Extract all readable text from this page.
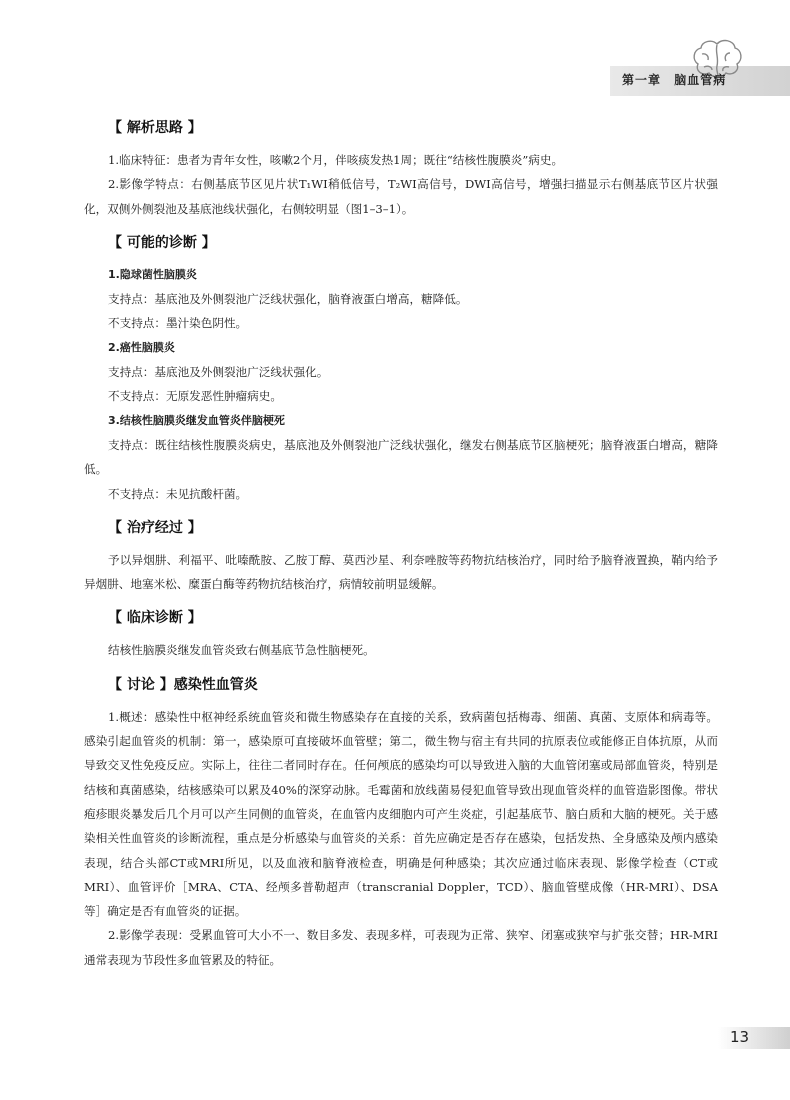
第一章 脑血管病
【 解析思路 】

1.临床特征：患者为青年女性，咳嗽2个月，伴咳痰发热1周；既往“结核性腹膜炎”病史。

2.影像学特点：右侧基底节区见片状T₁WI稍低信号，T₂WI高信号，DWI高信号，增强扫描显示右侧基底节区片状强化，双侧外侧裂池及基底池线状强化，右侧较明显（图1–3–1）。

【 可能的诊断 】

1.隐球菌性脑膜炎

支持点：基底池及外侧裂池广泛线状强化，脑脊液蛋白增高，糖降低。

不支持点：墨汁染色阴性。

2.癌性脑膜炎

支持点：基底池及外侧裂池广泛线状强化。

不支持点：无原发恶性肿瘤病史。

3.结核性脑膜炎继发血管炎伴脑梗死

支持点：既往结核性腹膜炎病史，基底池及外侧裂池广泛线状强化，继发右侧基底节区脑梗死；脑脊液蛋白增高，糖降低。

不支持点：未见抗酸杆菌。

【 治疗经过 】

予以异烟肼、利福平、吡嗪酰胺、乙胺丁醇、莫西沙星、利奈唑胺等药物抗结核治疗，同时给予脑脊液置换，鞘内给予异烟肼、地塞米松、糜蛋白酶等药物抗结核治疗，病情较前明显缓解。

【 临床诊断 】

结核性脑膜炎继发血管炎致右侧基底节急性脑梗死。

【 讨论 】感染性血管炎

1.概述：感染性中枢神经系统血管炎和微生物感染存在直接的关系，致病菌包括梅毒、细菌、真菌、支原体和病毒等。感染引起血管炎的机制：第一，感染原可直接破坏血管壁；第二，微生物与宿主有共同的抗原表位或能修正自体抗原，从而导致交叉性免疫反应。实际上，往往二者同时存在。任何颅底的感染均可以导致进入脑的大血管闭塞或局部血管炎，特别是结核和真菌感染，结核感染可以累及40%的深穿动脉。毛霉菌和放线菌易侵犯血管导致出现血管炎样的血管造影图像。带状疱疹眼炎暴发后几个月可以产生同侧的血管炎，在血管内皮细胞内可产生炎症，引起基底节、脑白质和大脑的梗死。关于感染相关性血管炎的诊断流程，重点是分析感染与血管炎的关系：首先应确定是否存在感染，包括发热、全身感染及颅内感染表现，结合头部CT或MRI所见，以及血液和脑脊液检查，明确是何种感染；其次应通过临床表现、影像学检查（CT或MRI）、血管评价［MRA、CTA、经颅多普勒超声（transcranial Doppler，TCD）、脑血管壁成像（HR-MRI）、DSA等］确定是否有血管炎的证据。

2.影像学表现：受累血管可大小不一、数目多发、表现多样，可表现为正常、狭窄、闭塞或狭窄与扩张交替；HR-MRI通常表现为节段性多血管累及的特征。

13
